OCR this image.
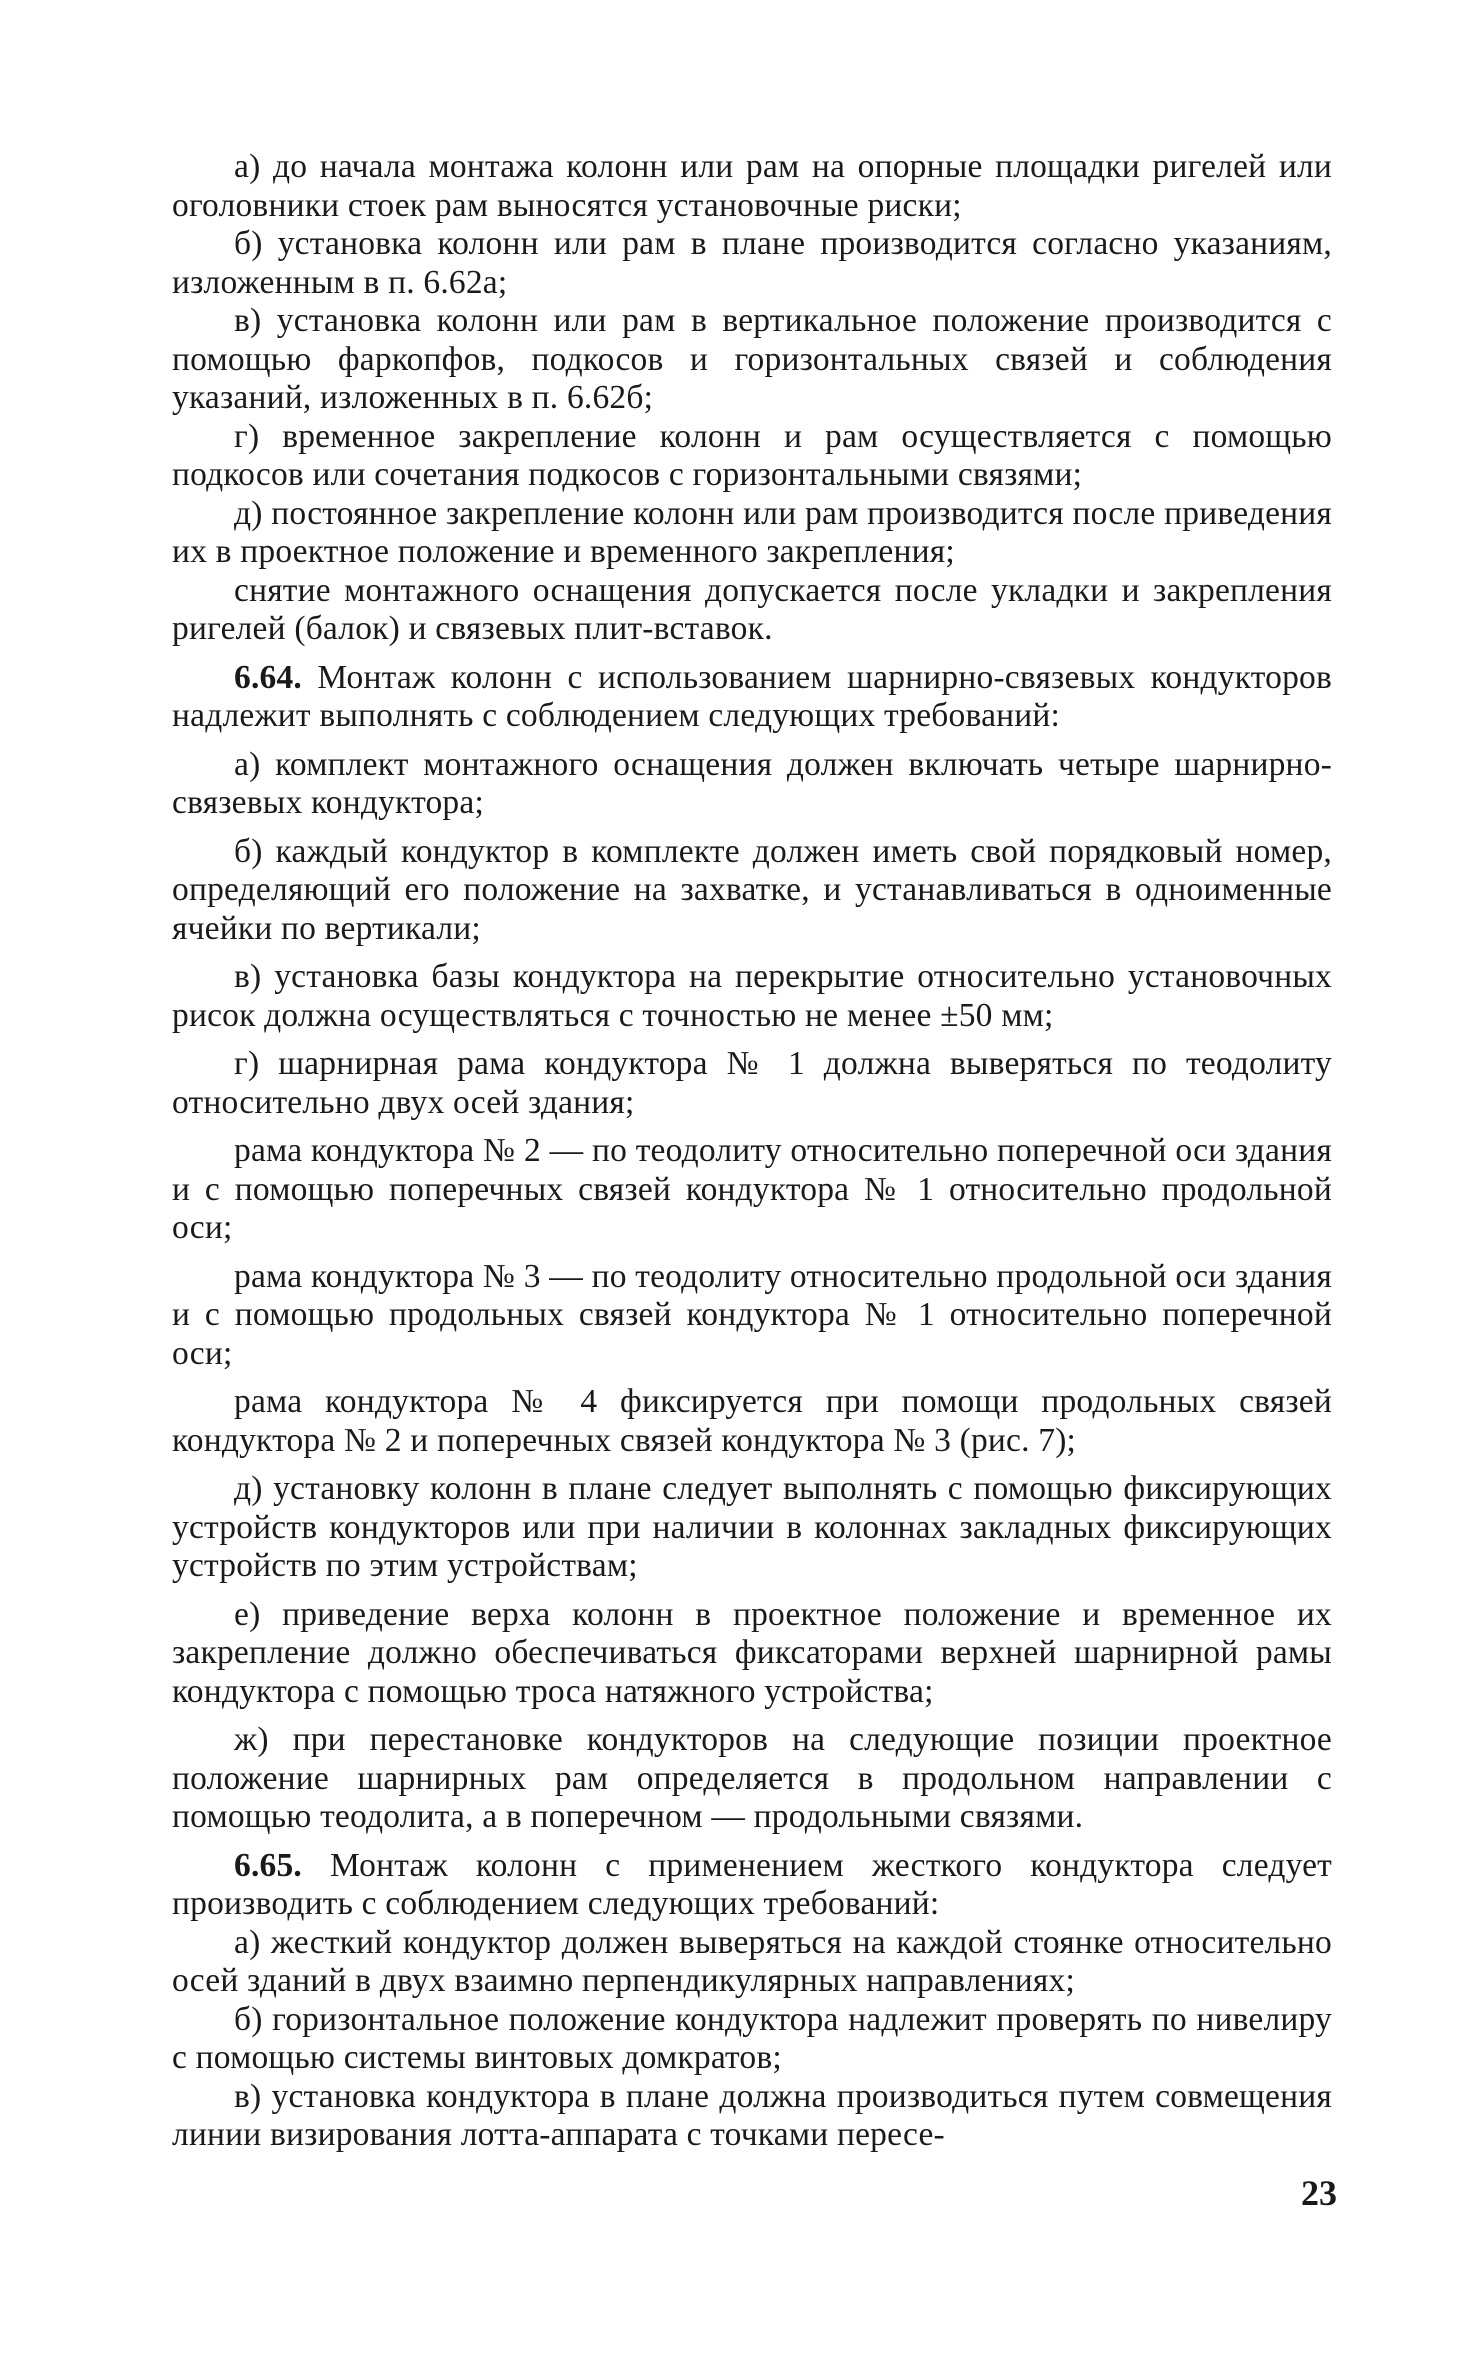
а) до начала монтажа колонн или рам на опорные площадки ригелей или оголовники стоек рам выносятся установочные риски;

б) установка колонн или рам в плане производится согласно указаниям, изложенным в п. 6.62а;

в) установка колонн или рам в вертикальное положение производится с помощью фаркопфов, подкосов и горизонтальных связей и соблюдения указаний, изложенных в п. 6.62б;

г) временное закрепление колонн и рам осуществляется с помощью подкосов или сочетания подкосов с горизонтальными связями;

д) постоянное закрепление колонн или рам производится после приведения их в проектное положение и временного закрепления;

снятие монтажного оснащения допускается после укладки и закрепления ригелей (балок) и связевых плит-вставок.

6.64. Монтаж колонн с использованием шарнирно-связевых кондукторов надлежит выполнять с соблюдением следующих требований:

а) комплект монтажного оснащения должен включать четыре шарнирно-связевых кондуктора;

б) каждый кондуктор в комплекте должен иметь свой порядковый номер, определяющий его положение на захватке, и устанавливаться в одноименные ячейки по вертикали;

в) установка базы кондуктора на перекрытие относительно установочных рисок должна осуществляться с точностью не менее ±50 мм;

г) шарнирная рама кондуктора № 1 должна выверяться по теодолиту относительно двух осей здания;

рама кондуктора № 2 — по теодолиту относительно поперечной оси здания и с помощью поперечных связей кондуктора № 1 относительно продольной оси;

рама кондуктора № 3 — по теодолиту относительно продольной оси здания и с помощью продольных связей кондуктора № 1 относительно поперечной оси;

рама кондуктора № 4 фиксируется при помощи продольных связей кондуктора № 2 и поперечных связей кондуктора № 3 (рис. 7);

д) установку колонн в плане следует выполнять с помощью фиксирующих устройств кондукторов или при наличии в колоннах закладных фиксирующих устройств по этим устройствам;

е) приведение верха колонн в проектное положение и временное их закрепление должно обеспечиваться фиксаторами верхней шарнирной рамы кондуктора с помощью троса натяжного устройства;

ж) при перестановке кондукторов на следующие позиции проектное положение шарнирных рам определяется в продольном направлении с помощью теодолита, а в поперечном — продольными связями.

6.65. Монтаж колонн с применением жесткого кондуктора следует производить с соблюдением следующих требований:

а) жесткий кондуктор должен выверяться на каждой стоянке относительно осей зданий в двух взаимно перпендикулярных направлениях;

б) горизонтальное положение кондуктора надлежит проверять по нивелиру с помощью системы винтовых домкратов;

в) установка кондуктора в плане должна производиться путем совмещения линии визирования лотта-аппарата с точками пересе-

23
